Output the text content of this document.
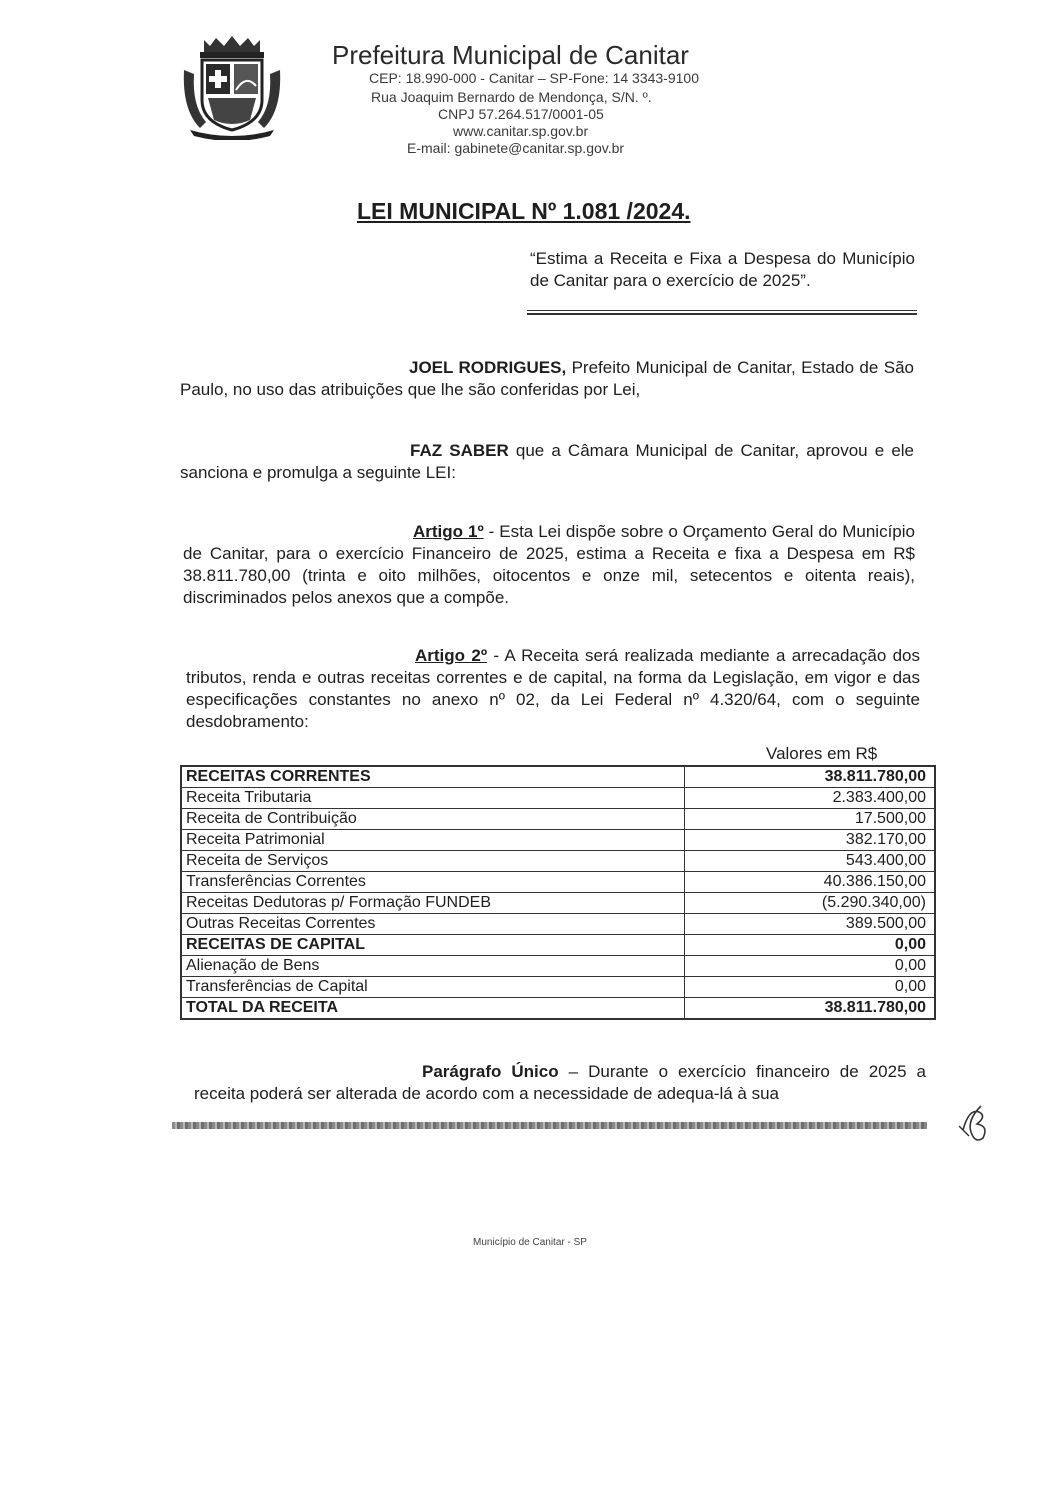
Prefeitura Municipal de Canitar
CEP: 18.990-000 - Canitar – SP-Fone: 14 3343-9100
Rua Joaquim Bernardo de Mendonça, S/N. º.
CNPJ 57.264.517/0001-05
www.canitar.sp.gov.br
E-mail: gabinete@canitar.sp.gov.br
LEI MUNICIPAL Nº 1.081 /2024.
“Estima a Receita e Fixa a Despesa do Município de Canitar para o exercício de 2025”.
JOEL RODRIGUES, Prefeito Municipal de Canitar, Estado de São Paulo, no uso das atribuições que lhe são conferidas por Lei,
FAZ SABER que a Câmara Municipal de Canitar, aprovou e ele sanciona e promulga a seguinte LEI:
Artigo 1º - Esta Lei dispõe sobre o Orçamento Geral do Município de Canitar, para o exercício Financeiro de 2025, estima a Receita e fixa a Despesa em R$ 38.811.780,00 (trinta e oito milhões, oitocentos e onze mil, setecentos e oitenta reais), discriminados pelos anexos que a compõe.
Artigo 2º - A Receita será realizada mediante a arrecadação dos tributos, renda e outras receitas correntes e de capital, na forma da Legislação, em vigor e das especificações constantes no anexo nº 02, da Lei Federal nº 4.320/64, com o seguinte desdobramento:
Valores em R$
RECEITAS CORRENTES	38.811.780,00
Receita Tributaria	2.383.400,00
Receita de Contribuição	17.500,00
Receita Patrimonial	382.170,00
Receita de Serviços	543.400,00
Transferências Correntes	40.386.150,00
Receitas Dedutoras p/ Formação FUNDEB	(5.290.340,00)
Outras Receitas Correntes	389.500,00
RECEITAS DE CAPITAL	0,00
Alienação de Bens	0,00
Transferências de Capital	0,00
TOTAL DA RECEITA	38.811.780,00
Parágrafo Único – Durante o exercício financeiro de 2025 a receita poderá ser alterada de acordo com a necessidade de adequa-lá à sua
Município de Canitar - SP
